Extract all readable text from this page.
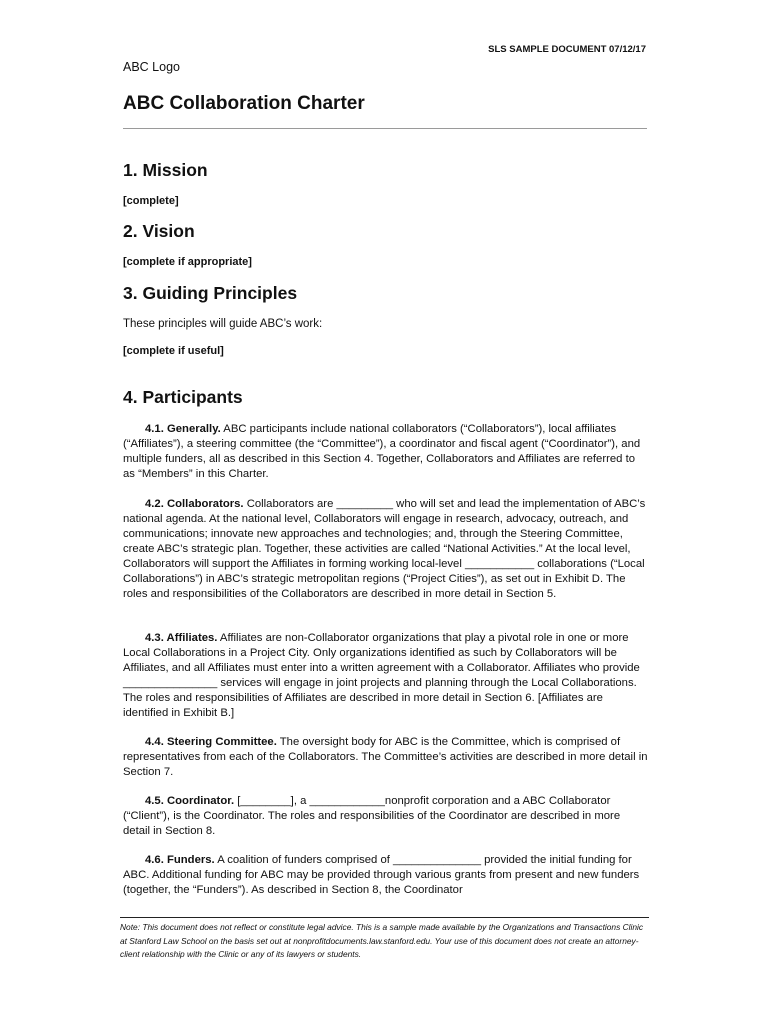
SLS SAMPLE DOCUMENT 07/12/17
ABC Logo
ABC Collaboration Charter
1. Mission
[complete]
2. Vision
[complete if appropriate]
3. Guiding Principles
These principles will guide ABC’s work:
[complete if useful]
4. Participants

4.1. Generally. ABC participants include national collaborators (“Collaborators”), local affiliates (“Affiliates”), a steering committee (the “Committee”), a coordinator and fiscal agent (“Coordinator”), and multiple funders, all as described in this Section 4. Together, Collaborators and Affiliates are referred to as “Members” in this Charter.

4.2. Collaborators. Collaborators are _________ who will set and lead the implementation of ABC’s national agenda. At the national level, Collaborators will engage in research, advocacy, outreach, and communications; innovate new approaches and technologies; and, through the Steering Committee, create ABC’s strategic plan. Together, these activities are called “National Activities.” At the local level, Collaborators will support the Affiliates in forming working local-level ___________ collaborations (“Local Collaborations”) in ABC’s strategic metropolitan regions (“Project Cities”), as set out in Exhibit D. The roles and responsibilities of the Collaborators are described in more detail in Section 5.

4.3. Affiliates. Affiliates are non-Collaborator organizations that play a pivotal role in one or more Local Collaborations in a Project City. Only organizations identified as such by Collaborators will be Affiliates, and all Affiliates must enter into a written agreement with a Collaborator. Affiliates who provide _______________ services will engage in joint projects and planning through the Local Collaborations. The roles and responsibilities of Affiliates are described in more detail in Section 6. [Affiliates are identified in Exhibit B.]

4.4. Steering Committee. The oversight body for ABC is the Committee, which is comprised of representatives from each of the Collaborators. The Committee’s activities are described in more detail in Section 7.

4.5. Coordinator. [________], a ____________nonprofit corporation and a ABC Collaborator (“Client”), is the Coordinator. The roles and responsibilities of the Coordinator are described in more detail in Section 8.

4.6. Funders. A coalition of funders comprised of ______________ provided the initial funding for ABC. Additional funding for ABC may be provided through various grants from present and new funders (together, the “Funders”). As described in Section 8, the Coordinator

Note: This document does not reflect or constitute legal advice. This is a sample made available by the Organizations and Transactions Clinic at Stanford Law School on the basis set out at nonprofitdocuments.law.stanford.edu. Your use of this document does not create an attorney-client relationship with the Clinic or any of its lawyers or students.
